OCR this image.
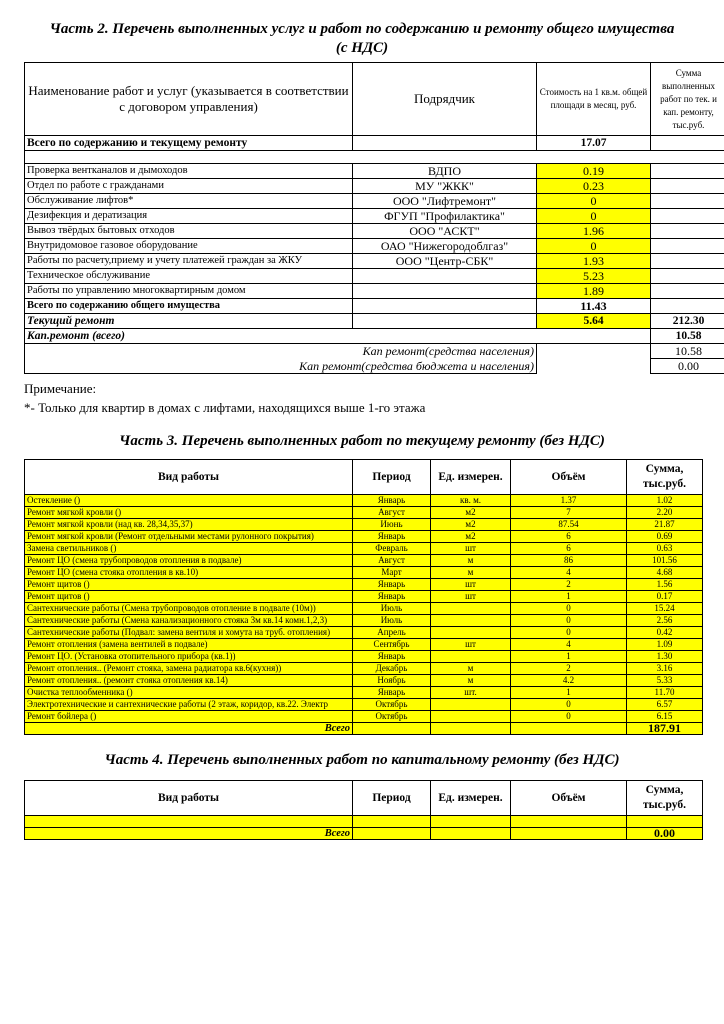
Часть 2. Перечень выполненных услуг и работ по содержанию и ремонту общего имущества
(с НДС)
Наименование работ и услуг (указывается в соответствии с договором управления)	Подрядчик	Стоимость на 1 кв.м. общей площади в месяц, руб.	Сумма выполненных работ по тек. и кап. ремонту, тыс.руб.
Всего по содержанию и текущему ремонту		17.07	

Проверка вентканалов и дымоходов	ВДПО	0.19	
Отдел по работе с гражданами	МУ "ЖКК"	0.23	
Обслуживание лифтов*	ООО "Лифтремонт"	0	
Дезифекция и дератизация	ФГУП "Профилактика"	0	
Вывоз твёрдых бытовых отходов	ООО "АСКТ"	1.96	
Внутридомовое газовое оборудование	ОАО "Нижегородоблгаз"	0	
Работы по расчету,приему и учету платежей граждан за ЖКУ	ООО "Центр-СБК"	1.93	
Техническое обслуживание		5.23	
Работы по управлению многоквартирным домом		1.89	
Всего по содержанию общего имущества		11.43	
Текущий ремонт		5.64	212.30
Кап.ремонт (всего)			10.58
Кап ремонт(средства населения)			10.58
Кап ремонт(средства бюджета и населения)			0.00
Примечание:
*- Только для квартир в домах с лифтами, находящихся выше 1-го этажа
Часть 3. Перечень выполненных работ по текущему ремонту (без НДС)
Вид работы	Период	Ед. измерен.	Объём	Сумма, тыс.руб.
Остекление ()	Январь	кв. м.	1.37	1.02
Ремонт мягкой кровли ()	Август	м2	7	2.20
Ремонт мягкой кровли (над кв. 28,34,35,37)	Июнь	м2	87.54	21.87
Ремонт мягкой кровли (Ремонт отдельными местами рулонного покрытия)	Январь	м2	6	0.69
Замена светильников ()	Февраль	шт	6	0.63
Ремонт ЦО (смена трубопроводов отопления в подвале)	Август	м	86	101.56
Ремонт ЦО (смена стояка отопления в кв.10)	Март	м	4	4.68
Ремонт щитов ()	Январь	шт	2	1.56
Ремонт щитов ()	Январь	шт	1	0.17
Сантехнические работы (Смена трубопроводов отопление в подвале (10м))	Июль		0	15.24
Сантехнические работы (Смена канализационного стояка 3м кв.14 комн.1,2,3)	Июль		0	2.56
Сантехнические работы (Подвал: замена вентиля и хомута на труб. отопления)	Апрель		0	0.42
Ремонт отопления (замена вентилей в подвале)	Сентябрь	шт	4	1.09
Ремонт ЦО. (Установка отопительного прибора (кв.1))	Январь		1	1.30
Ремонт отопления.. (Ремонт стояка, замена радиатора кв.6(кухня))	Декабрь	м	2	3.16
Ремонт отопления.. (ремонт стояка отопления кв.14)	Ноябрь	м	4.2	5.33
Очистка теплообменника ()	Январь	шт.	1	11.70
Электротехнические и сантехнические работы (2 этаж, коридор, кв.22. Электр	Октябрь		0	6.57
Ремонт бойлера ()	Октябрь		0	6.15
Всего				187.91
Часть 4. Перечень выполненных работ по капитальному ремонту (без НДС)
Вид работы	Период	Ед. измерен.	Объём	Сумма, тыс.руб.

Всего				0.00
